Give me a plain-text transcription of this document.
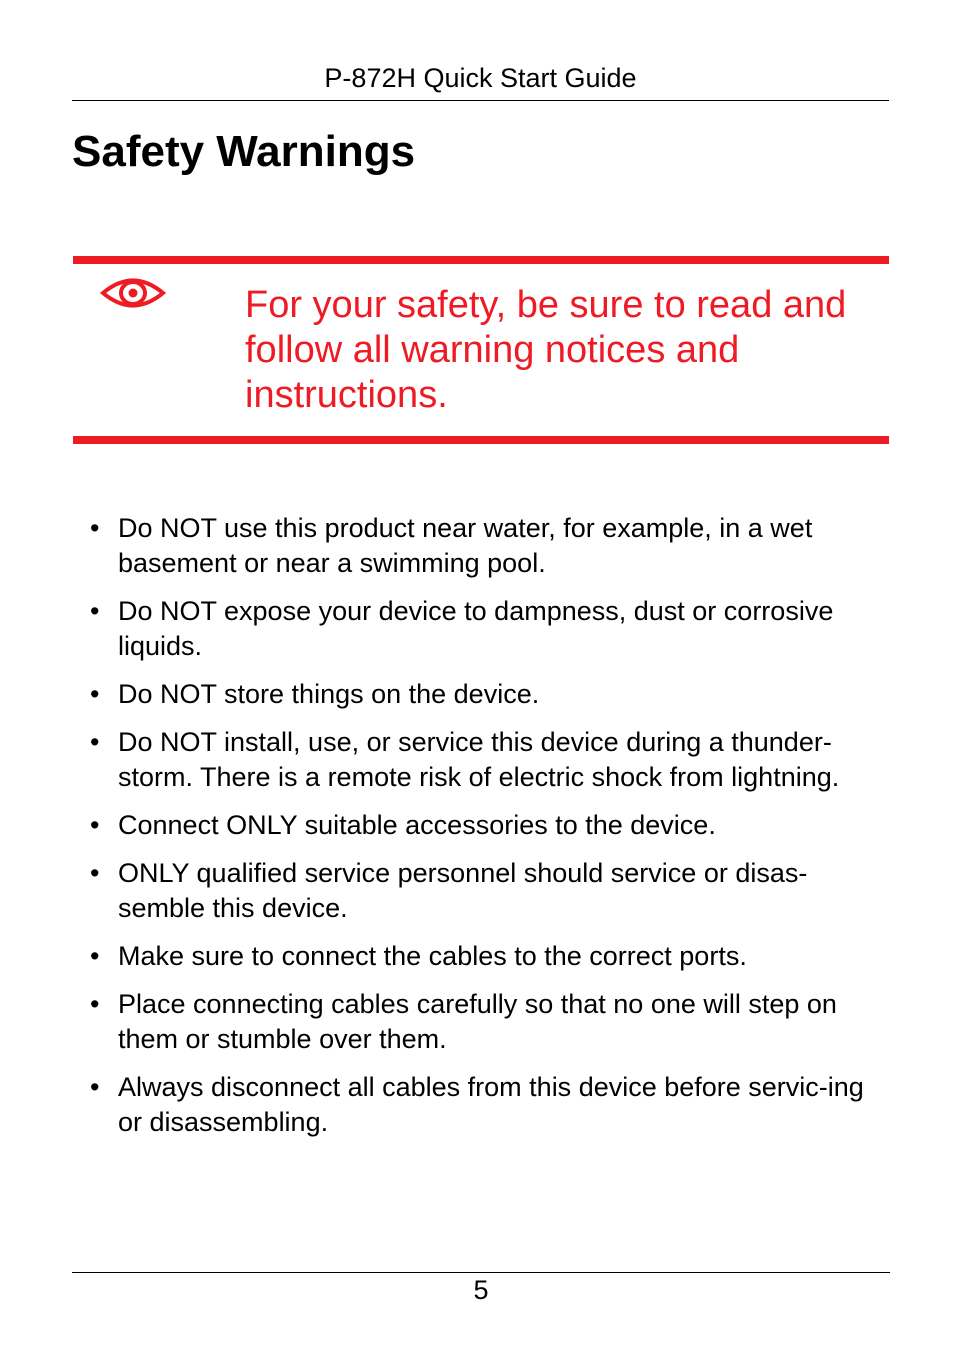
P-872H Quick Start Guide
Safety Warnings

For your safety, be sure to read and follow all warning notices and instructions.

• Do NOT use this product near water, for example, in a wet basement or near a swimming pool.
• Do NOT expose your device to dampness, dust or corrosive liquids.
• Do NOT store things on the device.
• Do NOT install, use, or service this device during a thunder-storm. There is a remote risk of electric shock from lightning.
• Connect ONLY suitable accessories to the device.
• ONLY qualified service personnel should service or disas-semble this device.
• Make sure to connect the cables to the correct ports.
• Place connecting cables carefully so that no one will step on them or stumble over them.
• Always disconnect all cables from this device before servic-ing or disassembling.
5
